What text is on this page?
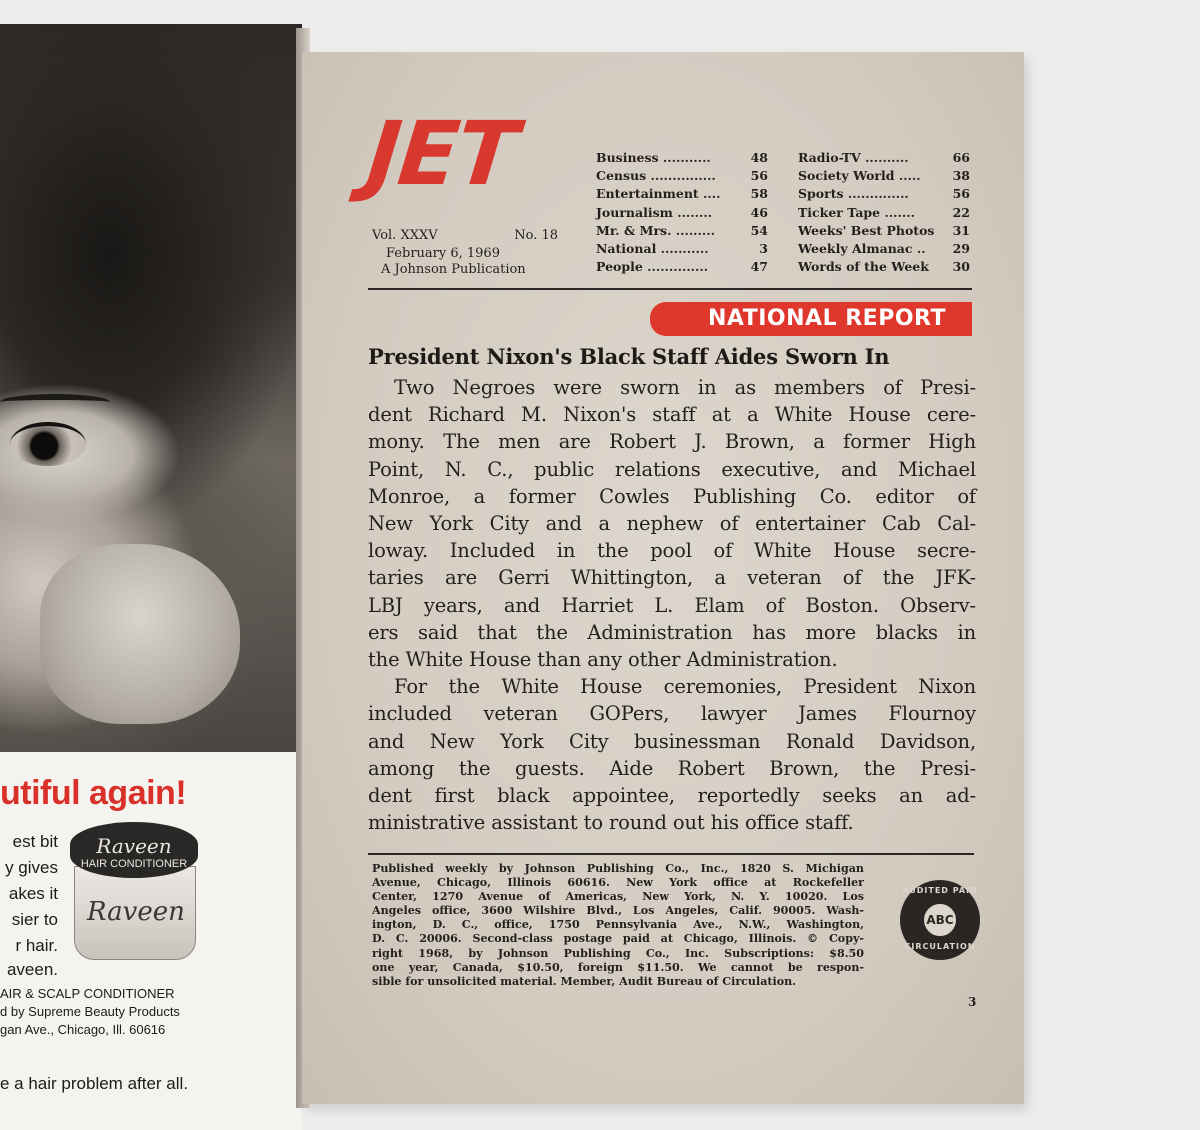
utiful again!
Raveen
Raveen
HAIR CONDITIONER
est bit
y gives
akes it
sier to
r hair.
aveen.
AIR & SCALP CONDITIONER
d by Supreme Beauty Products
gan Ave., Chicago, Ill. 60616
e a hair problem after all.
JET
Vol. XXXV	No. 18
February 6, 1969
A Johnson Publication
Business ...........	48
Census ...............	56
Entertainment .... 58
Journalism ........	46
Mr. & Mrs. .........	54
National ...........	3
People ..............	47
Radio-TV ..........	66
Society World .....	38
Sports ..............	56
Ticker Tape .......	22
Weeks' Best Photos 31
Weekly Almanac .. 29
Words of the Week 30
NATIONAL REPORT
President Nixon's Black Staff Aides Sworn In
Two Negroes were sworn in as members of Presi-
dent Richard M. Nixon's staff at a White House cere-
mony. The men are Robert J. Brown, a former High
Point, N. C., public relations executive, and Michael
Monroe, a former Cowles Publishing Co. editor of
New York City and a nephew of entertainer Cab Cal-
loway. Included in the pool of White House secre-
taries are Gerri Whittington, a veteran of the JFK-
LBJ years, and Harriet L. Elam of Boston. Observ-
ers said that the Administration has more blacks in
the White House than any other Administration.
For the White House ceremonies, President Nixon
included veteran GOPers, lawyer James Flournoy
and New York City businessman Ronald Davidson,
among the guests. Aide Robert Brown, the Presi-
dent first black appointee, reportedly seeks an ad-
ministrative assistant to round out his office staff.
Published weekly by Johnson Publishing Co., Inc., 1820 S. Michigan
Avenue, Chicago, Illinois 60616. New York office at Rockefeller
Center, 1270 Avenue of Americas, New York, N. Y. 10020. Los
Angeles office, 3600 Wilshire Blvd., Los Angeles, Calif. 90005. Wash-
ington, D. C., office, 1750 Pennsylvania Ave., N.W., Washington,
D. C. 20006. Second-class postage paid at Chicago, Illinois. © Copy-
right 1968, by Johnson Publishing Co., Inc. Subscriptions: $8.50
one year, Canada, $10.50, foreign $11.50. We cannot be respon-
sible for unsolicited material. Member, Audit Bureau of Circulation.
AUDITED PAID
ABC
CIRCULATION
3
